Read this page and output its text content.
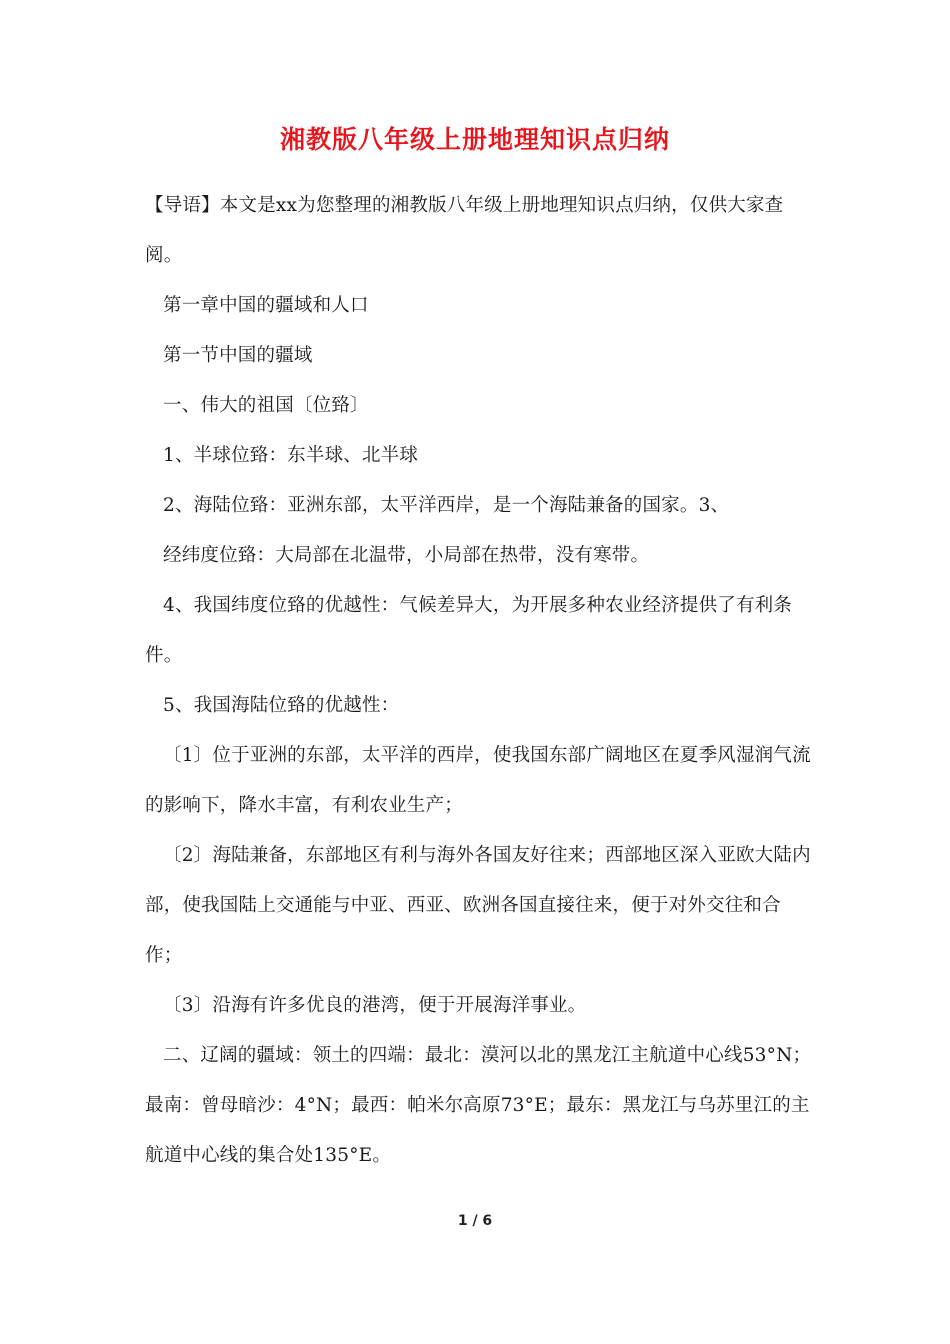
湘教版八年级上册地理知识点归纳

【导语】本文是xx为您整理的湘教版八年级上册地理知识点归纳，仅供大家查阅。

第一章中国的疆域和人口

第一节中国的疆域

一、伟大的祖国〔位臵〕

1、半球位臵：东半球、北半球

2、海陆位臵：亚洲东部，太平洋西岸，是一个海陆兼备的国家。3、

经纬度位臵：大局部在北温带，小局部在热带，没有寒带。

4、我国纬度位臵的优越性：气候差异大，为开展多种农业经济提供了有利条件。

5、我国海陆位臵的优越性：

〔1〕位于亚洲的东部，太平洋的西岸，使我国东部广阔地区在夏季风湿润气流的影响下，降水丰富，有利农业生产；

〔2〕海陆兼备，东部地区有利与海外各国友好往来；西部地区深入亚欧大陆内部，使我国陆上交通能与中亚、西亚、欧洲各国直接往来，便于对外交往和合作；

〔3〕沿海有许多优良的港湾，便于开展海洋事业。

二、辽阔的疆域：领土的四端：最北：漠河以北的黑龙江主航道中心线53°N；最南：曾母暗沙：4°N；最西：帕米尔高原73°E；最东：黑龙江与乌苏里江的主航道中心线的集合处135°E。

1 / 6
